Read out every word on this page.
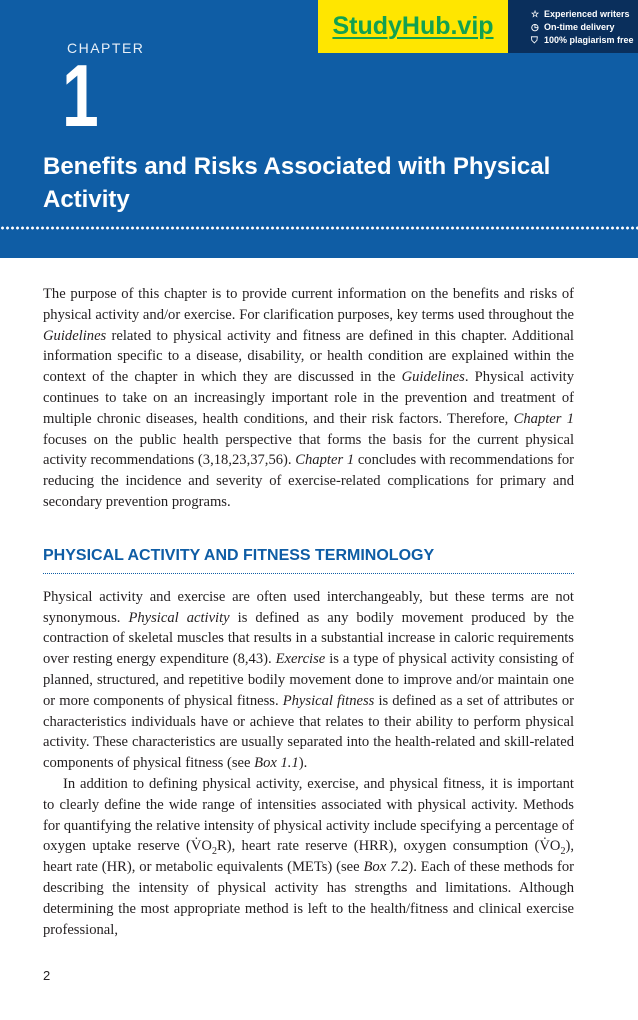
CHAPTER
1
Benefits and Risks Associated with Physical Activity
StudyHub.vip	☆ Experienced writers
◷ On-time delivery
⛉ 100% plagiarism free

The purpose of this chapter is to provide current information on the benefits and risks of physical activity and/or exercise. For clarification purposes, key terms used throughout the Guidelines related to physical activity and fitness are defined in this chapter. Additional information specific to a disease, disability, or health condition are explained within the context of the chapter in which they are discussed in the Guidelines. Physical activity continues to take on an increasingly important role in the prevention and treatment of multiple chronic diseases, health conditions, and their risk factors. Therefore, Chapter 1 focuses on the public health perspective that forms the basis for the current physical activity recommendations (3,18,23,37,56). Chapter 1 concludes with recommendations for reducing the incidence and severity of exercise-related complications for primary and secondary prevention programs.

PHYSICAL ACTIVITY AND FITNESS TERMINOLOGY

Physical activity and exercise are often used interchangeably, but these terms are not synonymous. Physical activity is defined as any bodily movement produced by the contraction of skeletal muscles that results in a substantial increase in caloric requirements over resting energy expenditure (8,43). Exercise is a type of physical activity consisting of planned, structured, and repetitive bodily movement done to improve and/or maintain one or more components of physical fitness. Physical fitness is defined as a set of attributes or characteristics individuals have or achieve that relates to their ability to perform physical activity. These characteristics are usually separated into the health-related and skill-related components of physical fitness (see Box 1.1).

In addition to defining physical activity, exercise, and physical fitness, it is important to clearly define the wide range of intensities associated with physical activity. Methods for quantifying the relative intensity of physical activity include specifying a percentage of oxygen uptake reserve $(V̇O_2R)$, heart rate reserve (HRR), oxygen consumption $(V̇O_2)$, heart rate (HR), or metabolic equivalents (METs) (see Box 7.2). Each of these methods for describing the intensity of physical activity has strengths and limitations. Although determining the most appropriate method is left to the health/fitness and clinical exercise professional,

2
